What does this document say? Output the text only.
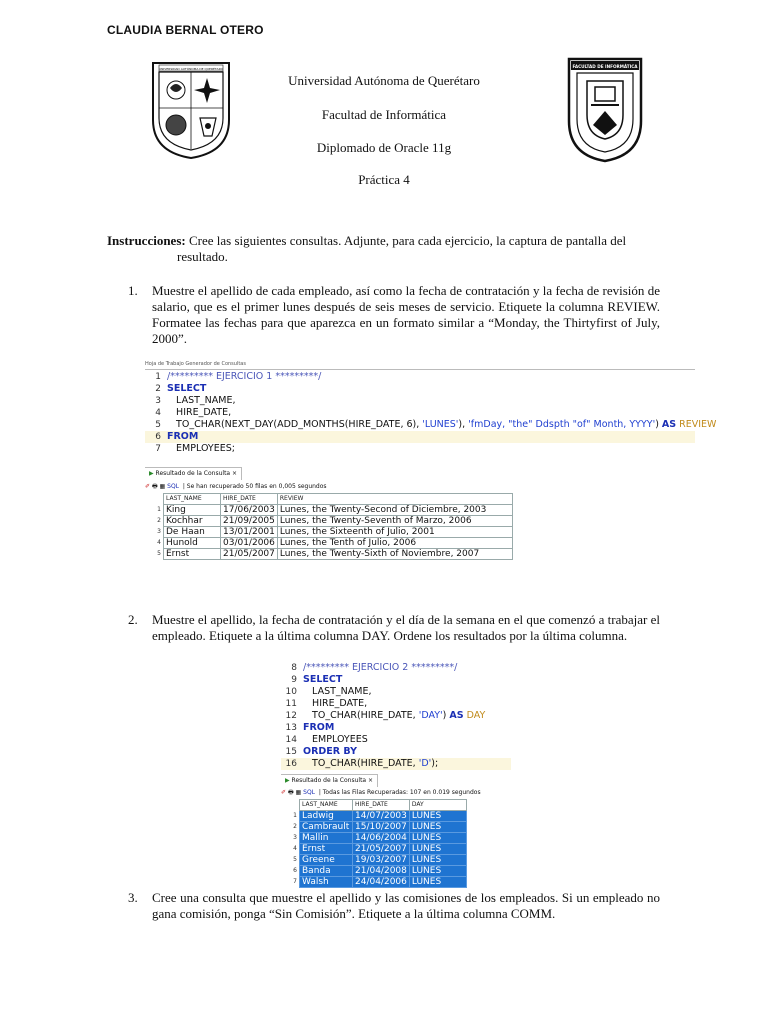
CLAUDIA BERNAL OTERO
UNIVERSIDAD AUTÓNOMA DE QUERÉTARO
Universidad Autónoma de Querétaro
Facultad de Informática
Diplomado de Oracle 11g
Práctica 4
FACULTAD DE INFORMÁTICA
Instrucciones: Cree las siguientes consultas. Adjunte, para cada ejercicio, la captura de pantalla del
resultado.
1. Muestre el apellido de cada empleado, así como la fecha de contratación y la fecha de revisión de salario, que es el primer lunes después de seis meses de servicio. Etiquete la columna REVIEW. Formatee las fechas para que aparezca en un formato similar a “Monday, the Thirtyfirst of July, 2000”.
Hoja de Trabajo Generador de Consultas
1 /********* EJERCICIO 1 *********/
2 SELECT
3   LAST_NAME,
4   HIRE_DATE,
5   TO_CHAR(NEXT_DAY(ADD_MONTHS(HIRE_DATE, 6), 'LUNES'), 'fmDay, "the" Ddspth "of" Month, YYYY') AS REVIEW
6 FROM
7   EMPLOYEES;
▶ Resultado de la Consulta ×
✐ 🖶 ▦ SQL  | Se han recuperado 50 filas en 0,005 segundos
	LAST_NAME	HIRE_DATE	REVIEW
1	King	17/06/2003	Lunes, the Twenty-Second of Diciembre, 2003
2	Kochhar	21/09/2005	Lunes, the Twenty-Seventh of Marzo, 2006
3	De Haan	13/01/2001	Lunes, the Sixteenth of Julio, 2001
4	Hunold	03/01/2006	Lunes, the Tenth of Julio, 2006
5	Ernst	21/05/2007	Lunes, the Twenty-Sixth of Noviembre, 2007
2. Muestre el apellido, la fecha de contratación y el día de la semana en el que comenzó a trabajar el empleado. Etiquete a la última columna DAY. Ordene los resultados por la última columna.
8 /********* EJERCICIO 2 *********/
9 SELECT
10   LAST_NAME,
11   HIRE_DATE,
12   TO_CHAR(HIRE_DATE, 'DAY') AS DAY
13 FROM
14   EMPLOYEES
15 ORDER BY
16   TO_CHAR(HIRE_DATE, 'D');
▶ Resultado de la Consulta ×
✐ 🖶 ▦ SQL  | Todas las Filas Recuperadas: 107 en 0.019 segundos
	LAST_NAME	HIRE_DATE	DAY
1	Ladwig	14/07/2003	LUNES
2	Cambrault	15/10/2007	LUNES
3	Mallin	14/06/2004	LUNES
4	Ernst	21/05/2007	LUNES
5	Greene	19/03/2007	LUNES
6	Banda	21/04/2008	LUNES
7	Walsh	24/04/2006	LUNES
3. Cree una consulta que muestre el apellido y las comisiones de los empleados. Si un empleado no gana comisión, ponga “Sin Comisión”. Etiquete a la última columna COMM.
